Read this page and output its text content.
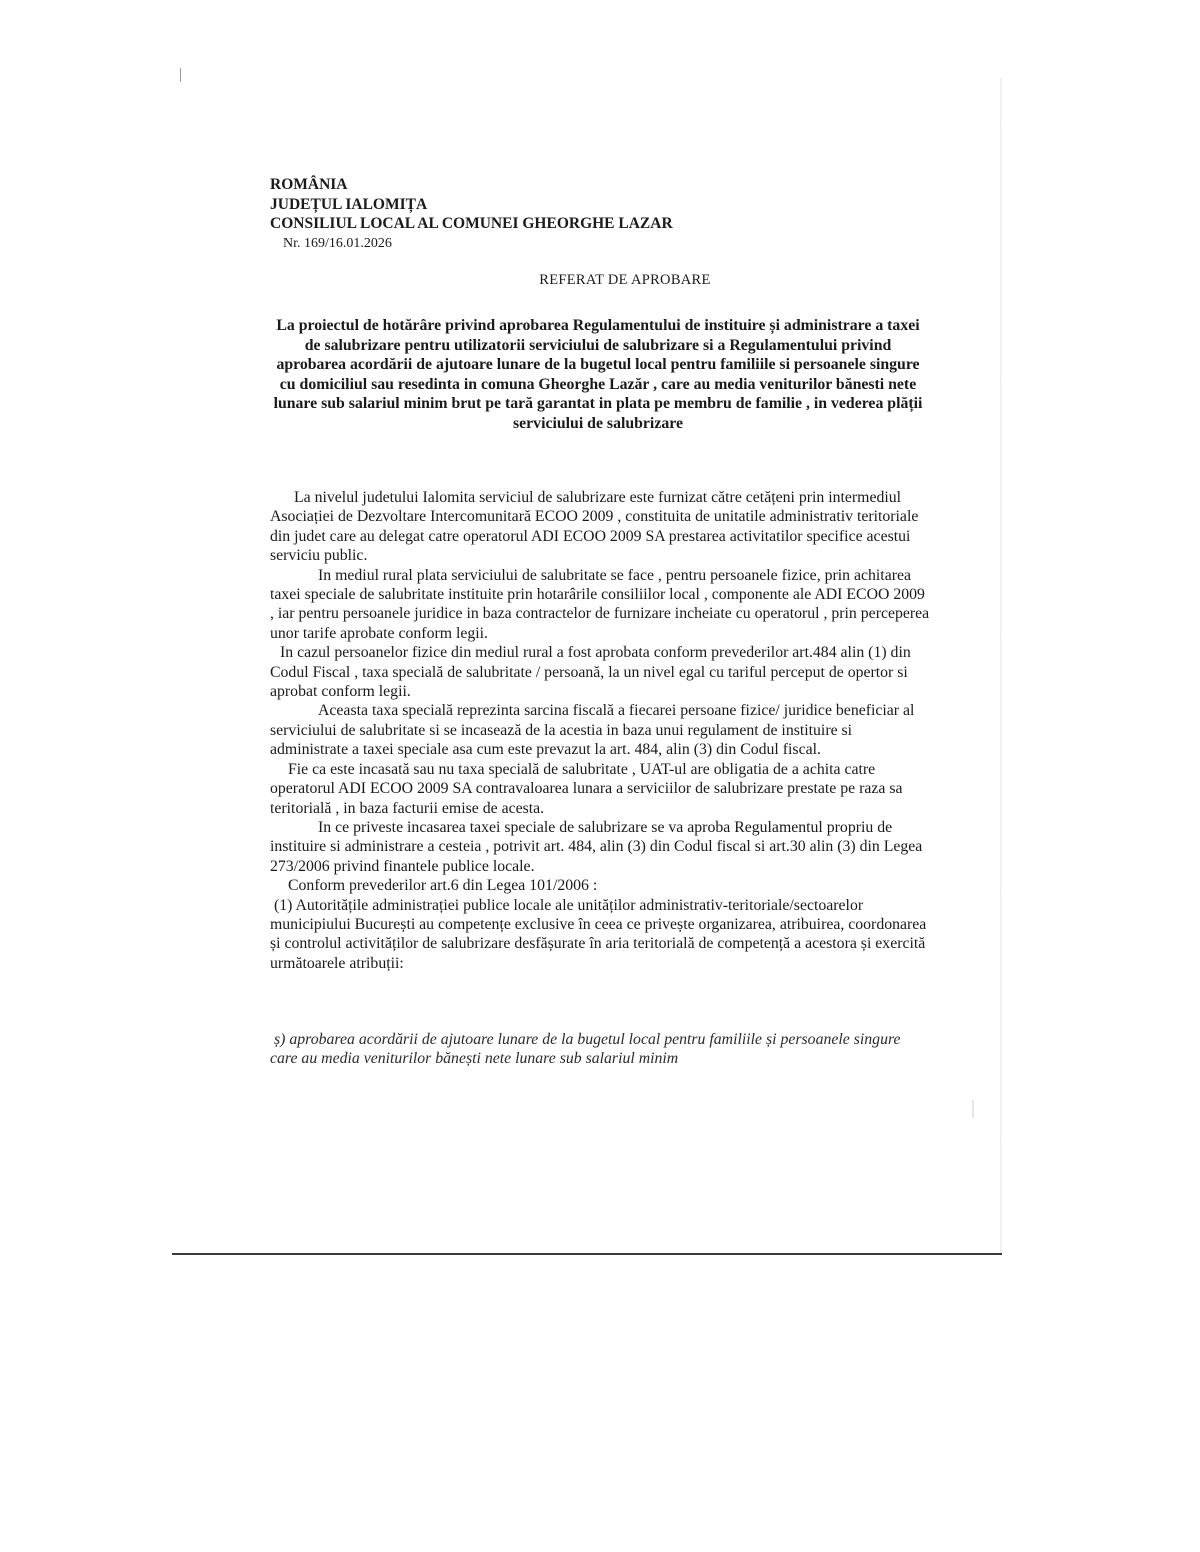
ROMÂNIA
JUDEȚUL IALOMIȚA
CONSILIUL LOCAL AL COMUNEI GHEORGHE LAZAR
Nr. 169/16.01.2026
REFERAT DE APROBARE
La proiectul de hotărâre privind aprobarea Regulamentului de instituire și administrare a taxei de salubrizare pentru utilizatorii serviciului de salubrizare si a Regulamentului privind aprobarea acordării de ajutoare lunare de la bugetul local pentru familiile si persoanele singure cu domiciliul sau resedinta in comuna Gheorghe Lazăr , care au media veniturilor bănesti nete lunare sub salariul minim brut pe tară garantat in plata pe membru de familie , in vederea plății serviciului de salubrizare

La nivelul judetului Ialomita serviciul de salubrizare este furnizat către cetățeni prin intermediul Asociației de Dezvoltare Intercomunitară ECOO 2009 , constituita de unitatile administrativ teritoriale din judet care au delegat catre operatorul ADI ECOO 2009 SA prestarea activitatilor specifice acestui serviciu public.

In mediul rural plata serviciului de salubritate se face , pentru persoanele fizice, prin achitarea taxei speciale de salubritate instituite prin hotarârile consiliilor local , componente ale ADI ECOO 2009 , iar pentru persoanele juridice in baza contractelor de furnizare incheiate cu operatorul , prin perceperea unor tarife aprobate conform legii.

In cazul persoanelor fizice din mediul rural a fost aprobata conform prevederilor art.484 alin (1) din Codul Fiscal , taxa specială de salubritate / persoană, la un nivel egal cu tariful perceput de opertor si aprobat conform legii.

Aceasta taxa specială reprezinta sarcina fiscală a fiecarei persoane fizice/ juridice beneficiar al serviciului de salubritate si se incasează de la acestia in baza unui regulament de instituire si administrate a taxei speciale asa cum este prevazut la art. 484, alin (3) din Codul fiscal.

Fie ca este incasată sau nu taxa specială de salubritate , UAT-ul are obligatia de a achita catre operatorul ADI ECOO 2009 SA contravaloarea lunara a serviciilor de salubrizare prestate pe raza sa teritorială , in baza facturii emise de acesta.

In ce priveste incasarea taxei speciale de salubrizare se va aproba Regulamentul propriu de instituire si administrare a cesteia , potrivit art. 484, alin (3) din Codul fiscal si art.30 alin (3) din Legea 273/2006 privind finantele publice locale.

Conform prevederilor art.6 din Legea 101/2006 :

(1) Autoritățile administrației publice locale ale unităților administrativ-teritoriale/sectoarelor municipiului București au competențe exclusive în ceea ce privește organizarea, atribuirea, coordonarea și controlul activităților de salubrizare desfășurate în aria teritorială de competență a acestora și exercită următoarele atribuții:

ș) aprobarea acordării de ajutoare lunare de la bugetul local pentru familiile și persoanele singure care au media veniturilor bănești nete lunare sub salariul minim
